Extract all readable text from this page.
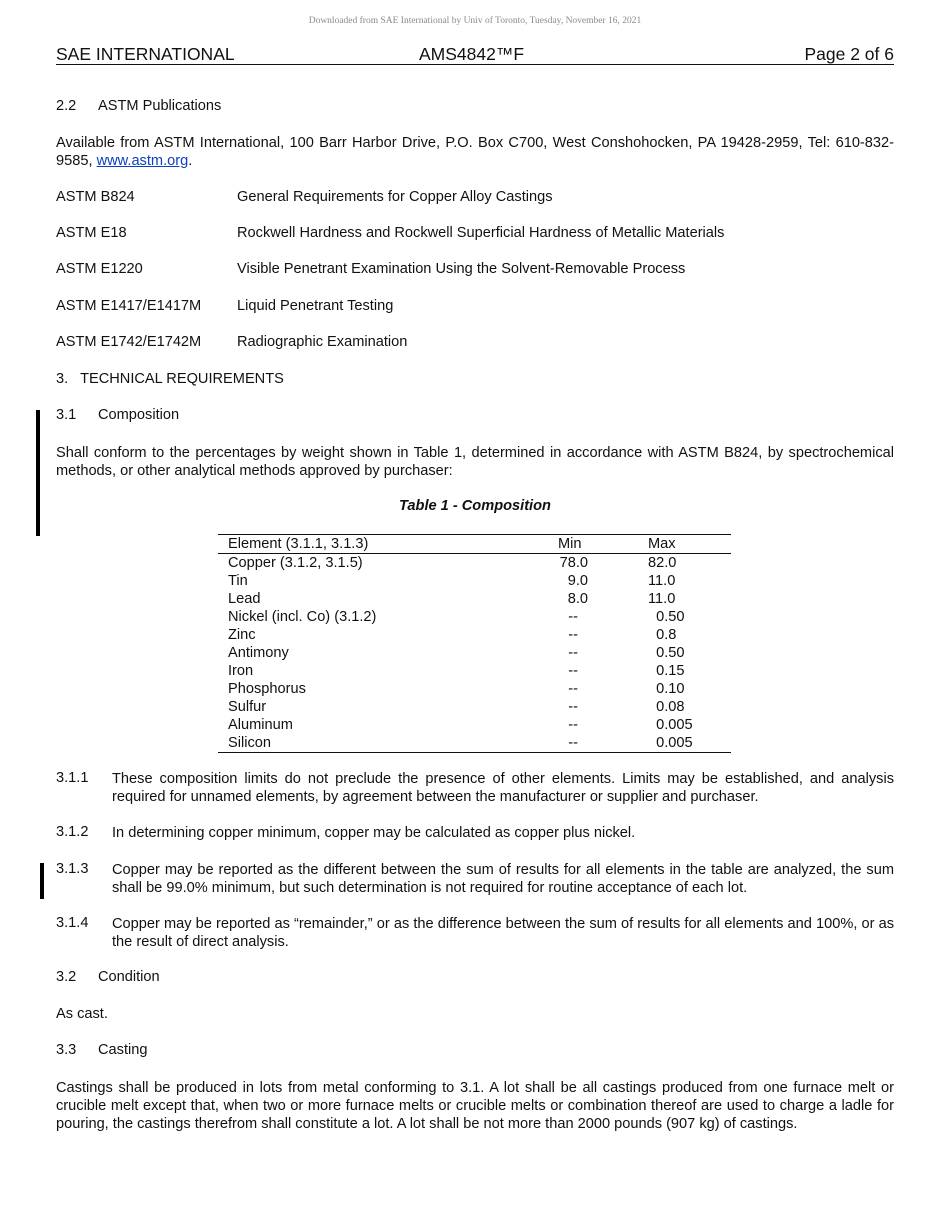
Downloaded from SAE International by Univ of Toronto, Tuesday, November 16, 2021
SAE INTERNATIONAL	AMS4842™F	Page 2 of 6
2.2 ASTM Publications
Available from ASTM International, 100 Barr Harbor Drive, P.O. Box C700, West Conshohocken, PA 19428-2959, Tel: 610-832-9585, www.astm.org.
ASTM B824	General Requirements for Copper Alloy Castings
ASTM E18	Rockwell Hardness and Rockwell Superficial Hardness of Metallic Materials
ASTM E1220	Visible Penetrant Examination Using the Solvent-Removable Process
ASTM E1417/E1417M Liquid Penetrant Testing
ASTM E1742/E1742M Radiographic Examination
3.   TECHNICAL REQUIREMENTS
3.1 Composition
Shall conform to the percentages by weight shown in Table 1, determined in accordance with ASTM B824, by spectrochemical methods, or other analytical methods approved by purchaser:
Table 1 - Composition
Element (3.1.1, 3.1.3)	Min	Max
Copper (3.1.2, 3.1.5)	78.0	82.0
Tin	9.0	11.0
Lead	8.0	11.0
Nickel (incl. Co) (3.1.2)	--	0.50
Zinc	--	0.8
Antimony	--	0.50
Iron	--	0.15
Phosphorus	--	0.10
Sulfur	--	0.08
Aluminum	--	0.005
Silicon	--	0.005
3.1.1 These composition limits do not preclude the presence of other elements. Limits may be established, and analysis required for unnamed elements, by agreement between the manufacturer or supplier and purchaser.
3.1.2 In determining copper minimum, copper may be calculated as copper plus nickel.
3.1.3 Copper may be reported as the different between the sum of results for all elements in the table are analyzed, the sum shall be 99.0% minimum, but such determination is not required for routine acceptance of each lot.
3.1.4 Copper may be reported as “remainder,” or as the difference between the sum of results for all elements and 100%, or as the result of direct analysis.
3.2 Condition
As cast.
3.3 Casting
Castings shall be produced in lots from metal conforming to 3.1. A lot shall be all castings produced from one furnace melt or crucible melt except that, when two or more furnace melts or crucible melts or combination thereof are used to charge a ladle for pouring, the castings therefrom shall constitute a lot. A lot shall be not more than 2000 pounds (907 kg) of castings.
